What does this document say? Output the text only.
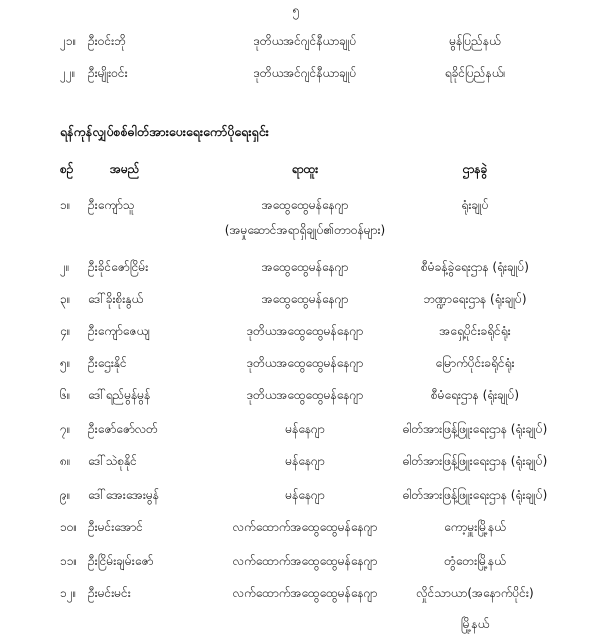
၅
၂၁။ ဦးဝင်းဘို	ဒုတိယအင်ဂျင်နီယာချုပ်	မွန်ပြည်နယ်
၂၂။ ဦးမျိုးဝင်း	ဒုတိယအင်ဂျင်နီယာချုပ်	ရခိုင်ပြည်နယ်၊
ရန်ကုန်လျှပ်စစ်ဓါတ်အားပေးရေးကော်ပိုရေးရှင်း
စဉ်	အမည်	ရာထူး	ဌာနခွဲ
၁။ ဦးကျော်သူ	အထွေထွေမန်နေဂျာ	ရုံးချုပ်
(အမှုဆောင်အရာရှိချုပ်၏တာဝန်များ)
၂။ ဦးခိုင်ဇော်ငြိမ်း	အထွေထွေမန်နေဂျာ	စီမံခန့်ခွဲရေးဌာန (ရုံးချုပ်)
၃။ ဒေါ်ခိုးစိုးနွယ်	အထွေထွေမန်နေဂျာ	ဘဏ္ဍာရေးဌာန (ရုံးချုပ်)
၄။ ဦးကျော်ဇေယျ	ဒုတိယအထွေထွေမန်နေဂျာ	အရှေ့ပိုင်းခရိုင်ရုံး
၅။ ဦးဌေးနိုင်	ဒုတိယအထွေထွေမန်နေဂျာ	မြောက်ပိုင်းခရိုင်ရုံး
၆။ ဒေါ်ရည်မွန်မွန်	ဒုတိယအထွေထွေမန်နေဂျာ	စီမံရေးဌာန (ရုံးချုပ်)
၇။ ဦးဇော်ဇော်လတ်	မန်နေဂျာ	ဓါတ်အားဖြန့်ဖြူးရေးဌာန (ရုံးချုပ်)
၈။ ဒေါ်သဲစုနိုင်	မန်နေဂျာ	ဓါတ်အားဖြန့်ဖြူးရေးဌာန (ရုံးချုပ်)
၉။ ဒေါ်အေးအေးမွန်	မန်နေဂျာ	ဓါတ်အားဖြန့်ဖြူးရေးဌာန (ရုံးချုပ်)
၁၀။ ဦးမင်းအောင်	လက်ထောက်အထွေထွေမန်နေဂျာ	ကော့မှူးမြို့နယ်
၁၁။ ဦးငြိမ်းချမ်းဇော်	လက်ထောက်အထွေထွေမန်နေဂျာ	တွံတေးမြို့နယ်
၁၂။ ဦးမင်းမင်း	လက်ထောက်အထွေထွေမန်နေဂျာ	လှိုင်သာယာ(အနောက်ပိုင်း)
မြို့နယ်
